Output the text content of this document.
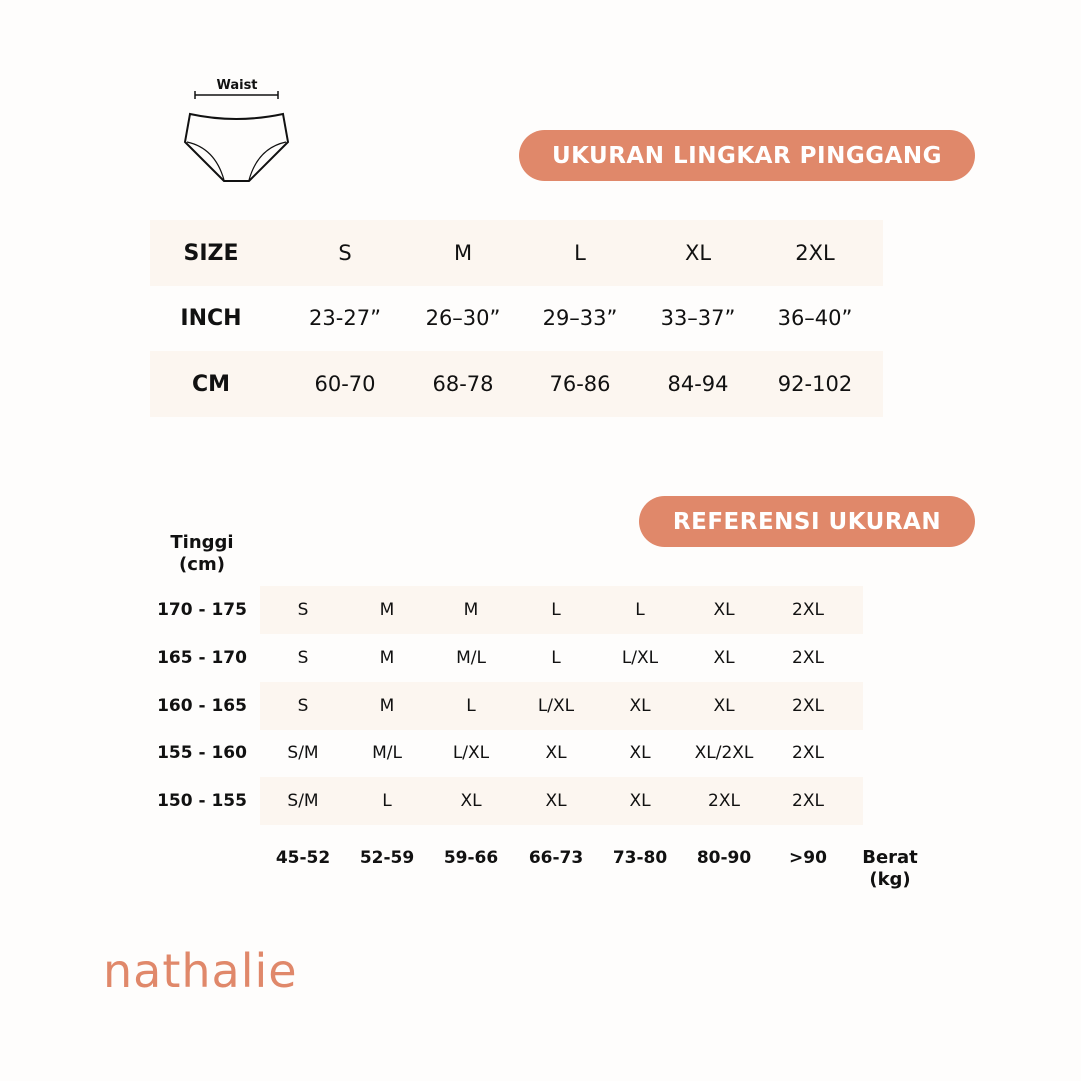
Waist
UKURAN LINGKAR PINGGANG
SIZE	S	M	L	XL	2XL
INCH	23-27”	26–30”	29–33”	33–37”	36–40”
CM	60-70	68-78	76-86	84-94	92-102
REFERENSI UKURAN
Tinggi
(cm)
170 - 175	S	M	M	L	L	XL	2XL
165 - 170	S	M	M/L	L	L/XL	XL	2XL
160 - 165	S	M	L	L/XL	XL	XL	2XL
155 - 160	S/M	M/L	L/XL	XL	XL	XL/2XL	2XL
150 - 155	S/M	L	XL	XL	XL	2XL	2XL
45-52	52-59	59-66	66-73	73-80	80-90	>90	Berat
(kg)
nathalie
